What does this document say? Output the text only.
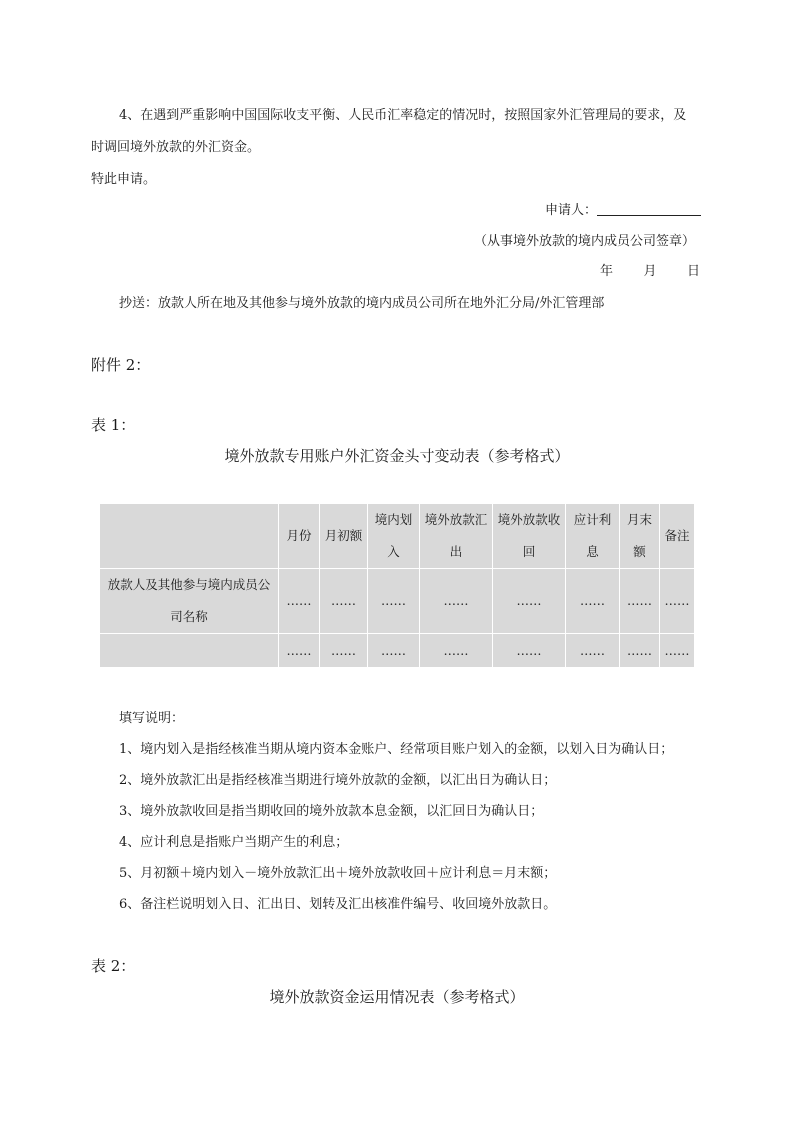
4、在遇到严重影响中国国际收支平衡、人民币汇率稳定的情况时，按照国家外汇管理局的要求，及
时调回境外放款的外汇资金。
特此申请。
申请人：
（从事境外放款的境内成员公司签章）
年 月 日
抄送：放款人所在地及其他参与境外放款的境内成员公司所在地外汇分局/外汇管理部
附件 2：
表 1：
境外放款专用账户外汇资金头寸变动表（参考格式）
	月份	月初额	境内划
入	境外放款汇
出	境外放款收
回	应计利
息	月末
额	备注

放款人及其他参与境内成员公
司名称	……	……	……	……	……	……	……	……
	……	……	……	……	……	……	……	……
填写说明：
1、境内划入是指经核准当期从境内资本金账户、经常项目账户划入的金额，以划入日为确认日；
2、境外放款汇出是指经核准当期进行境外放款的金额，以汇出日为确认日；
3、境外放款收回是指当期收回的境外放款本息金额，以汇回日为确认日；
4、应计利息是指账户当期产生的利息；
5、月初额＋境内划入－境外放款汇出＋境外放款收回＋应计利息＝月末额；
6、备注栏说明划入日、汇出日、划转及汇出核准件编号、收回境外放款日。
表 2：
境外放款资金运用情况表（参考格式）
